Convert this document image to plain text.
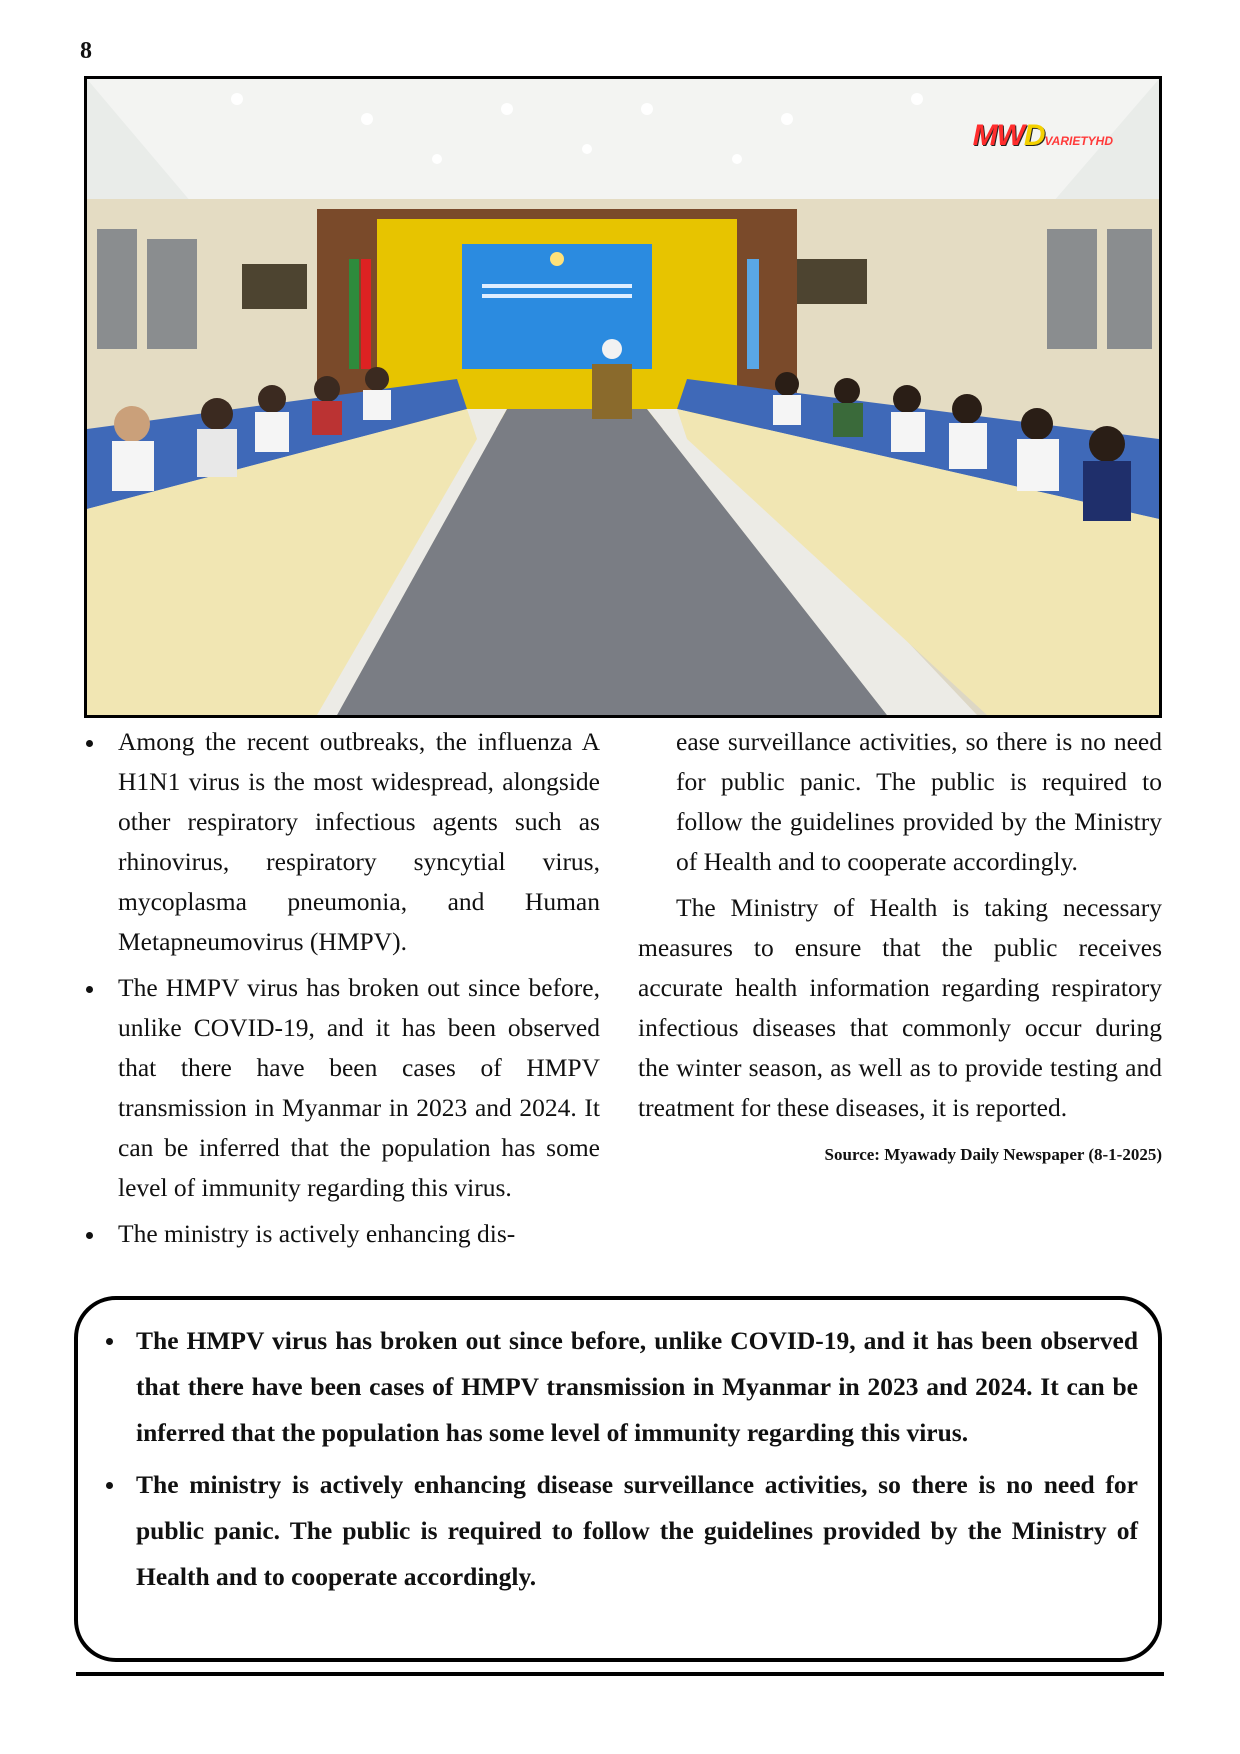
8
MWDVARIETYHD
Among the recent outbreaks, the influenza A H1N1 virus is the most widespread, alongside other respiratory infectious agents such as rhinovirus, respiratory syncytial virus, mycoplasma pneumonia, and Human Metapneumovirus (HMPV).
The HMPV virus has broken out since before, unlike COVID-19, and it has been observed that there have been cases of HMPV transmission in Myanmar in 2023 and 2024. It can be inferred that the population has some level of immunity regarding this virus.
The ministry is actively enhancing dis-

ease surveillance activities, so there is no need for public panic. The public is required to follow the guidelines provided by the Ministry of Health and to cooperate accordingly.

The Ministry of Health is taking necessary measures to ensure that the public receives accurate health information regarding respiratory infectious diseases that commonly occur during the winter season, as well as to provide testing and treatment for these diseases, it is reported.

Source: Myawady Daily Newspaper (8-1-2025)
The HMPV virus has broken out since before, unlike COVID-19, and it has been observed that there have been cases of HMPV transmission in Myanmar in 2023 and 2024. It can be inferred that the population has some level of immunity regarding this virus.
The ministry is actively enhancing disease surveillance activities, so there is no need for public panic. The public is required to follow the guidelines provided by the Ministry of Health and to cooperate accordingly.
